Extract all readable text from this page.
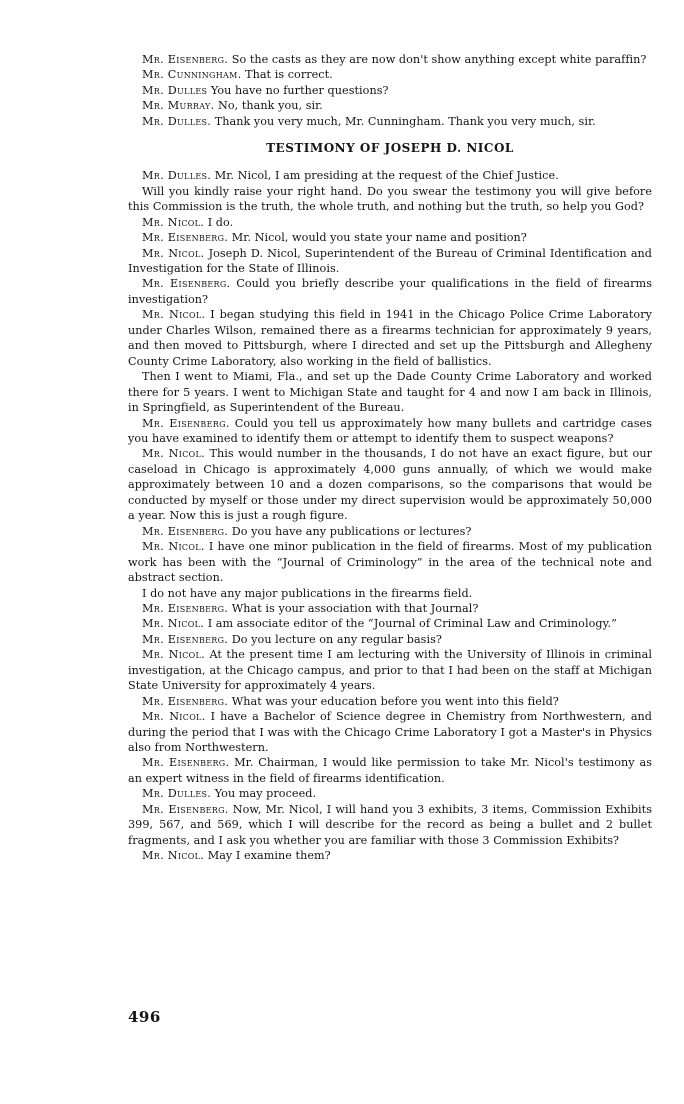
Mr. Eisenberg. So the casts as they are now don't show anything except white paraffin?

Mr. Cunningham. That is correct.

Mr. Dulles You have no further questions?

Mr. Murray. No, thank you, sir.

Mr. Dulles. Thank you very much, Mr. Cunningham. Thank you very much, sir.

TESTIMONY OF JOSEPH D. NICOL

Mr. Dulles. Mr. Nicol, I am presiding at the request of the Chief Justice.

Will you kindly raise your right hand. Do you swear the testimony you will give before this Commission is the truth, the whole truth, and nothing but the truth, so help you God?

Mr. Nicol. I do.

Mr. Eisenberg. Mr. Nicol, would you state your name and position?

Mr. Nicol. Joseph D. Nicol, Superintendent of the Bureau of Criminal Identification and Investigation for the State of Illinois.

Mr. Eisenberg. Could you briefly describe your qualifications in the field of firearms investigation?

Mr. Nicol. I began studying this field in 1941 in the Chicago Police Crime Laboratory under Charles Wilson, remained there as a firearms technician for approximately 9 years, and then moved to Pittsburgh, where I directed and set up the Pittsburgh and Allegheny County Crime Laboratory, also working in the field of ballistics.

Then I went to Miami, Fla., and set up the Dade County Crime Laboratory and worked there for 5 years. I went to Michigan State and taught for 4 and now I am back in Illinois, in Springfield, as Superintendent of the Bureau.

Mr. Eisenberg. Could you tell us approximately how many bullets and cartridge cases you have examined to identify them or attempt to identify them to suspect weapons?

Mr. Nicol. This would number in the thousands, I do not have an exact figure, but our caseload in Chicago is approximately 4,000 guns annually, of which we would make approximately between 10 and a dozen comparisons, so the comparisons that would be conducted by myself or those under my direct supervision would be approximately 50,000 a year. Now this is just a rough figure.

Mr. Eisenberg. Do you have any publications or lectures?

Mr. Nicol. I have one minor publication in the field of firearms. Most of my publication work has been with the “Journal of Criminology” in the area of the technical note and abstract section.

I do not have any major publications in the firearms field.

Mr. Eisenberg. What is your association with that Journal?

Mr. Nicol. I am associate editor of the “Journal of Criminal Law and Criminology.”

Mr. Eisenberg. Do you lecture on any regular basis?

Mr. Nicol. At the present time I am lecturing with the University of Illinois in criminal investigation, at the Chicago campus, and prior to that I had been on the staff at Michigan State University for approximately 4 years.

Mr. Eisenberg. What was your education before you went into this field?

Mr. Nicol. I have a Bachelor of Science degree in Chemistry from Northwestern, and during the period that I was with the Chicago Crime Laboratory I got a Master's in Physics also from Northwestern.

Mr. Eisenberg. Mr. Chairman, I would like permission to take Mr. Nicol's testimony as an expert witness in the field of firearms identification.

Mr. Dulles. You may proceed.

Mr. Eisenberg. Now, Mr. Nicol, I will hand you 3 exhibits, 3 items, Commission Exhibits 399, 567, and 569, which I will describe for the record as being a bullet and 2 bullet fragments, and I ask you whether you are familiar with those 3 Commission Exhibits?

Mr. Nicol. May I examine them?

496
